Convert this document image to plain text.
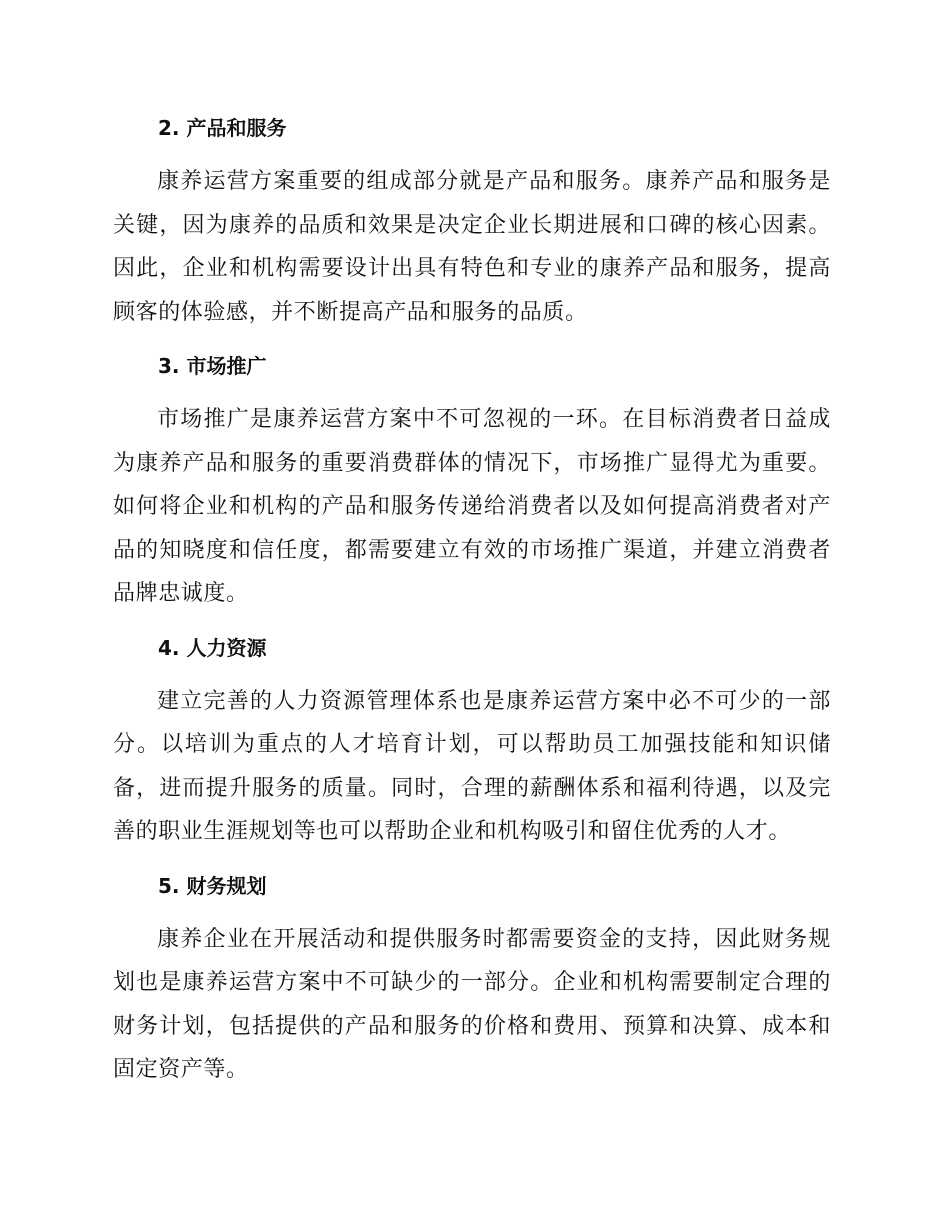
2. 产品和服务

康养运营方案重要的组成部分就是产品和服务。康养产品和服务是关键，因为康养的品质和效果是决定企业长期进展和口碑的核心因素。因此，企业和机构需要设计出具有特色和专业的康养产品和服务，提高顾客的体验感，并不断提高产品和服务的品质。

3. 市场推广

市场推广是康养运营方案中不可忽视的一环。在目标消费者日益成为康养产品和服务的重要消费群体的情况下，市场推广显得尤为重要。如何将企业和机构的产品和服务传递给消费者以及如何提高消费者对产品的知晓度和信任度，都需要建立有效的市场推广渠道，并建立消费者品牌忠诚度。

4. 人力资源

建立完善的人力资源管理体系也是康养运营方案中必不可少的一部分。以培训为重点的人才培育计划，可以帮助员工加强技能和知识储备，进而提升服务的质量。同时，合理的薪酬体系和福利待遇，以及完善的职业生涯规划等也可以帮助企业和机构吸引和留住优秀的人才。

5. 财务规划

康养企业在开展活动和提供服务时都需要资金的支持，因此财务规划也是康养运营方案中不可缺少的一部分。企业和机构需要制定合理的财务计划，包括提供的产品和服务的价格和费用、预算和决算、成本和固定资产等。
